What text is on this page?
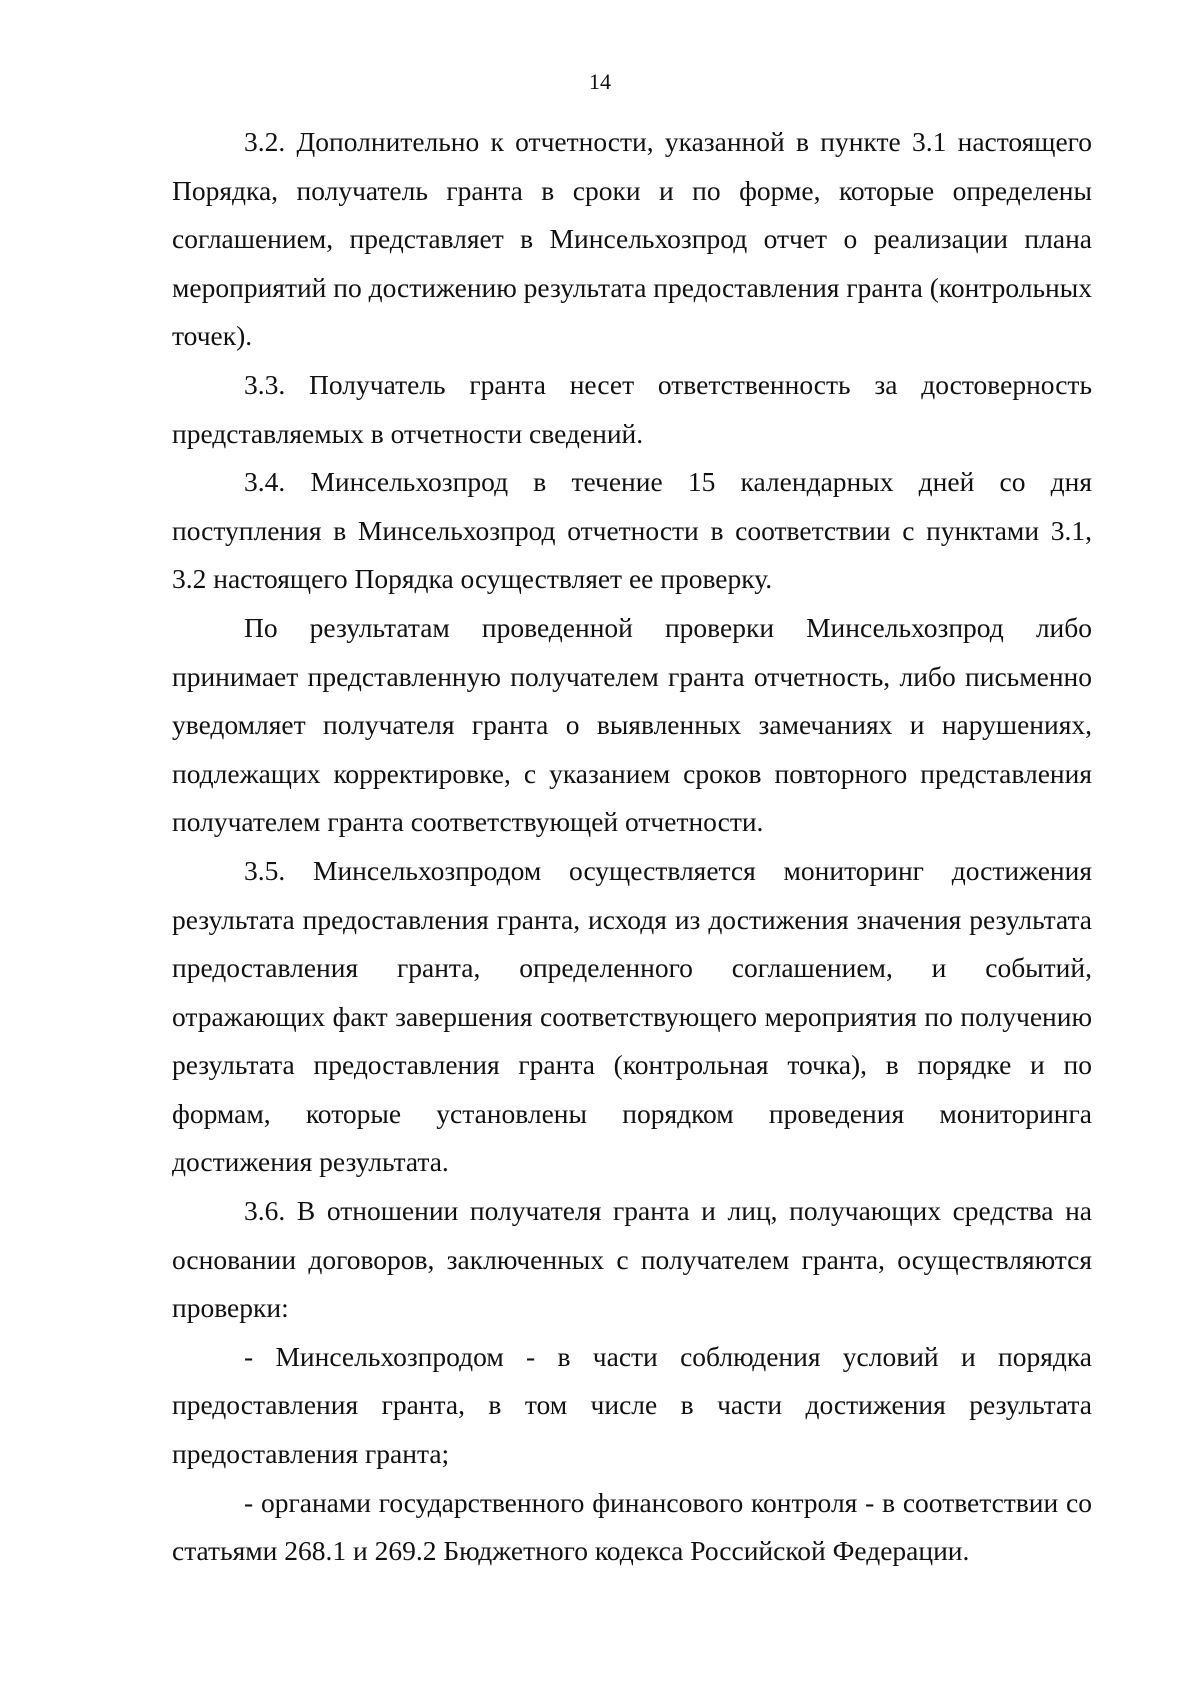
14

3.2. Дополнительно к отчетности, указанной в пункте 3.1 настоящего Порядка, получатель гранта в сроки и по форме, которые определены соглашением, представляет в Минсельхозпрод отчет о реализации плана мероприятий по достижению результата предоставления гранта (контрольных точек).

3.3. Получатель гранта несет ответственность за достоверность представляемых в отчетности сведений.

3.4. Минсельхозпрод в течение 15 календарных дней со дня поступления в Минсельхозпрод отчетности в соответствии с пунктами 3.1, 3.2 настоящего Порядка осуществляет ее проверку.

По результатам проведенной проверки Минсельхозпрод либо принимает представленную получателем гранта отчетность, либо письменно уведомляет получателя гранта о выявленных замечаниях и нарушениях, подлежащих корректировке, с указанием сроков повторного представления получателем гранта соответствующей отчетности.

3.5. Минсельхозпродом осуществляется мониторинг достижения результата предоставления гранта, исходя из достижения значения результата предоставления гранта, определенного соглашением, и событий, отражающих факт завершения соответствующего мероприятия по получению результата предоставления гранта (контрольная точка), в порядке и по формам, которые установлены порядком проведения мониторинга достижения результата.

3.6. В отношении получателя гранта и лиц, получающих средства на основании договоров, заключенных с получателем гранта, осуществляются проверки:

- Минсельхозпродом - в части соблюдения условий и порядка предоставления гранта, в том числе в части достижения результата предоставления гранта;

- органами государственного финансового контроля - в соответствии со статьями 268.1 и 269.2 Бюджетного кодекса Российской Федерации.
